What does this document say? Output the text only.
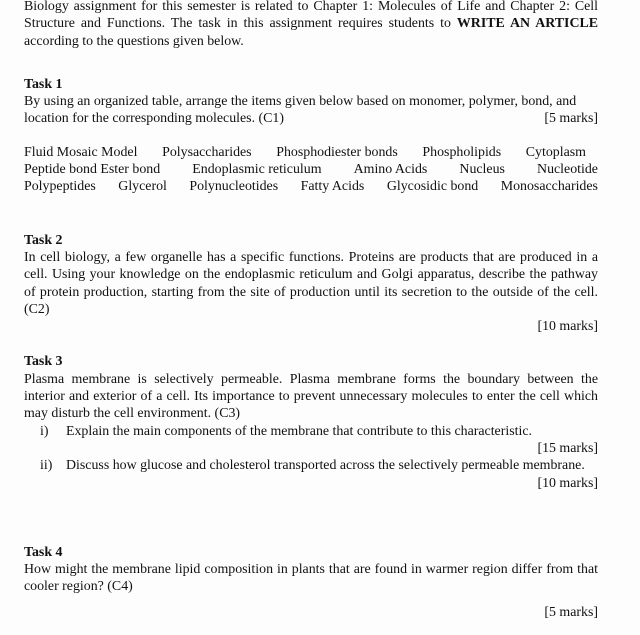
Biology assignment for this semester is related to Chapter 1: Molecules of Life and Chapter 2: Cell Structure and Functions. The task in this assignment requires students to WRITE AN ARTICLE according to the questions given below.

Task 1

By using an organized table, arrange the items given below based on monomer, polymer, bond, and

location for the corresponding molecules. (C1)	[5 marks]
Fluid Mosaic Model Polysaccharides Phosphodiester bonds Phospholipids Cytoplasm
Peptide bond Ester bond Endoplasmic reticulum Amino Acids Nucleus Nucleotide
Polypeptides Glycerol Polynucleotides Fatty Acids Glycosidic bond Monosaccharides

Task 2

In cell biology, a few organelle has a specific functions. Proteins are products that are produced in a cell. Using your knowledge on the endoplasmic reticulum and Golgi apparatus, describe the pathway of protein production, starting from the site of production until its secretion to the outside of the cell. (C2)

[10 marks]

Task 3

Plasma membrane is selectively permeable. Plasma membrane forms the boundary between the interior and exterior of a cell. Its importance to prevent unnecessary molecules to enter the cell which may disturb the cell environment. (C3)

i)	Explain the main components of the membrane that contribute to this characteristic.

[15 marks]

ii) Discuss how glucose and cholesterol transported across the selectively permeable membrane.

[10 marks]

Task 4

How might the membrane lipid composition in plants that are found in warmer region differ from that cooler region? (C4)

[5 marks]
